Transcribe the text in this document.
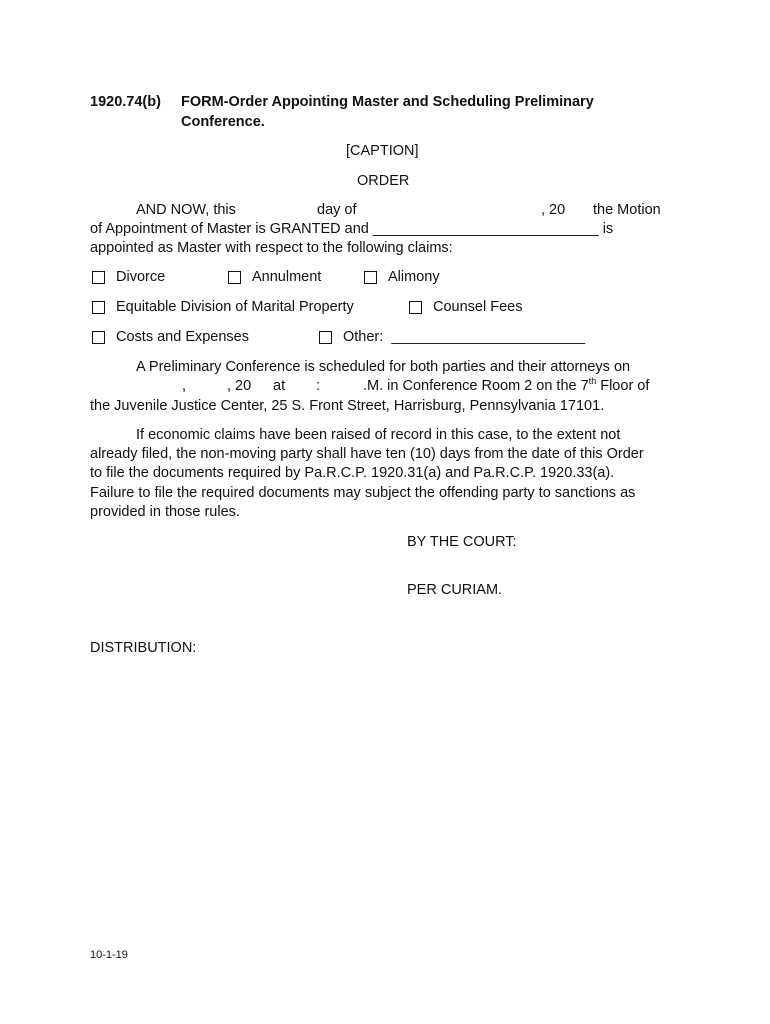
1920.74(b) FORM-Order Appointing Master and Scheduling Preliminary
Conference.
[CAPTION]
ORDER
AND NOW, this	day of	, 20 the Motion
of Appointment of Master is GRANTED and ____________________________ is
appointed as Master with respect to the following claims:
Divorce	Annulment	Alimony
Equitable Division of Marital Property	Counsel Fees
Costs and Expenses	Other:  ________________________
A Preliminary Conference is scheduled for both parties and their attorneys on
,	, 20 at :	.M. in Conference Room 2 on the 7th Floor of
the Juvenile Justice Center, 25 S. Front Street, Harrisburg, Pennsylvania 17101.
If economic claims have been raised of record in this case, to the extent not
already filed, the non-moving party shall have ten (10) days from the date of this Order
to file the documents required by Pa.R.C.P. 1920.31(a) and Pa.R.C.P. 1920.33(a).
Failure to file the required documents may subject the offending party to sanctions as
provided in those rules.
BY THE COURT:
PER CURIAM.
DISTRIBUTION:
10-1-19
